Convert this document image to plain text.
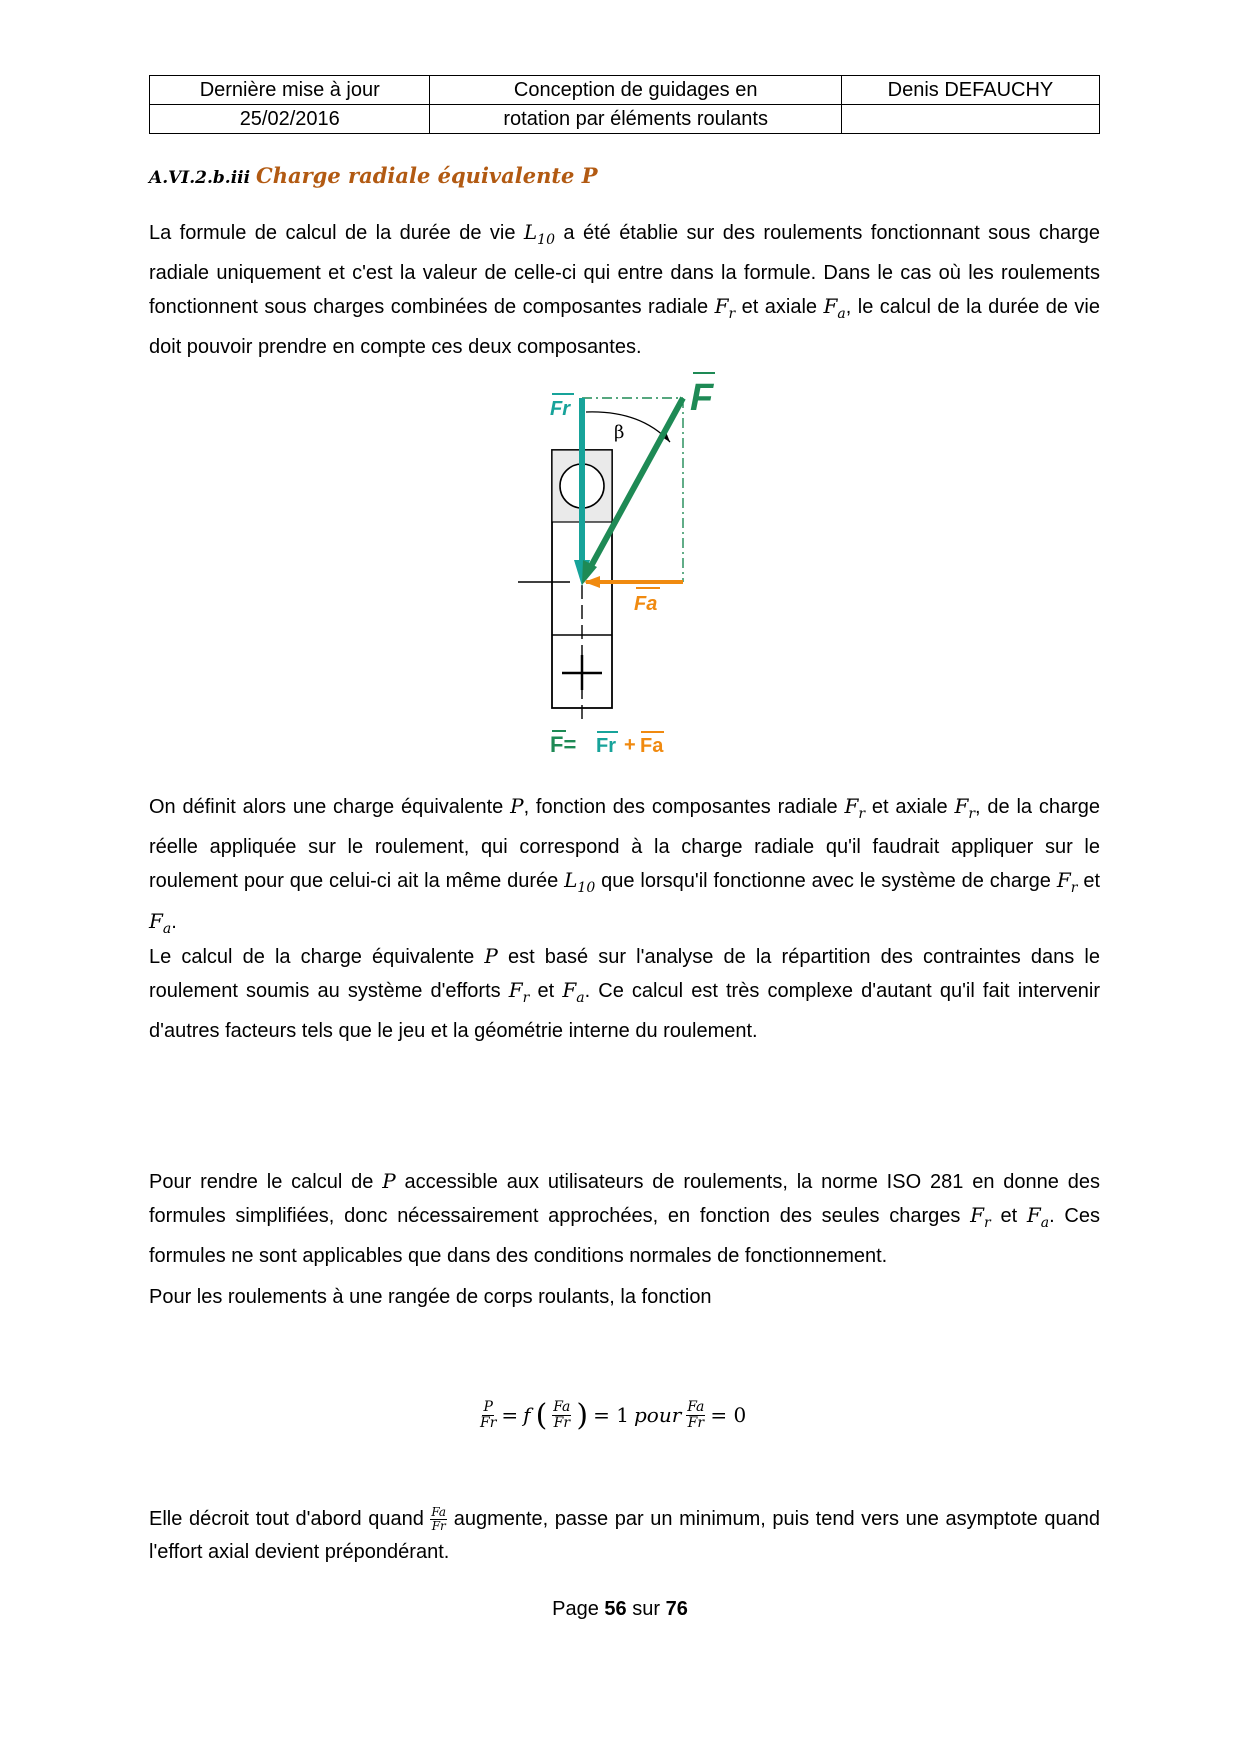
Dernière mise à jour	Conception de guidages en	Denis DEFAUCHY
25/02/2016	rotation par éléments roulants	
A.VI.2.b.iii Charge radiale équivalente P

La formule de calcul de la durée de vie $L_{10}$ a été établie sur des roulements fonctionnant sous charge radiale uniquement et c'est la valeur de celle-ci qui entre dans la formule. Dans le cas où les roulements fonctionnent sous charges combinées de composantes radiale $F_r$ et axiale $F_a$, le calcul de la durée de vie doit pouvoir prendre en compte ces deux composantes.

β
F
Fr
Fa
F= Fr + Fa

On définit alors une charge équivalente P, fonction des composantes radiale $F_r$ et axiale $F_r$, de la charge réelle appliquée sur le roulement, qui correspond à la charge radiale qu'il faudrait appliquer sur le roulement pour que celui-ci ait la même durée $L_{10}$ que lorsqu'il fonctionne avec le système de charge $F_r$ et $F_a$.

Le calcul de la charge équivalente P est basé sur l'analyse de la répartition des contraintes dans le roulement soumis au système d'efforts $F_r$ et $F_a$. Ce calcul est très complexe d'autant qu'il fait intervenir d'autres facteurs tels que le jeu et la géométrie interne du roulement.

Pour rendre le calcul de P accessible aux utilisateurs de roulements, la norme ISO 281 en donne des formules simplifiées, donc nécessairement approchées, en fonction des seules charges $F_r$ et $F_a$. Ces formules ne sont applicables que dans des conditions normales de fonctionnement.

Pour les roulements à une rangée de corps roulants, la fonction

$\frac{P}{Fr} = f$ ( $\frac{Fa}{Fr}$ ) = 1 pour $\frac{Fa}{Fr} = 0$

Elle décroit tout d'abord quand $\frac{Fa}{Fr}$ augmente, passe par un minimum, puis tend vers une asymptote quand l'effort axial devient prépondérant.

Page 56 sur 76
